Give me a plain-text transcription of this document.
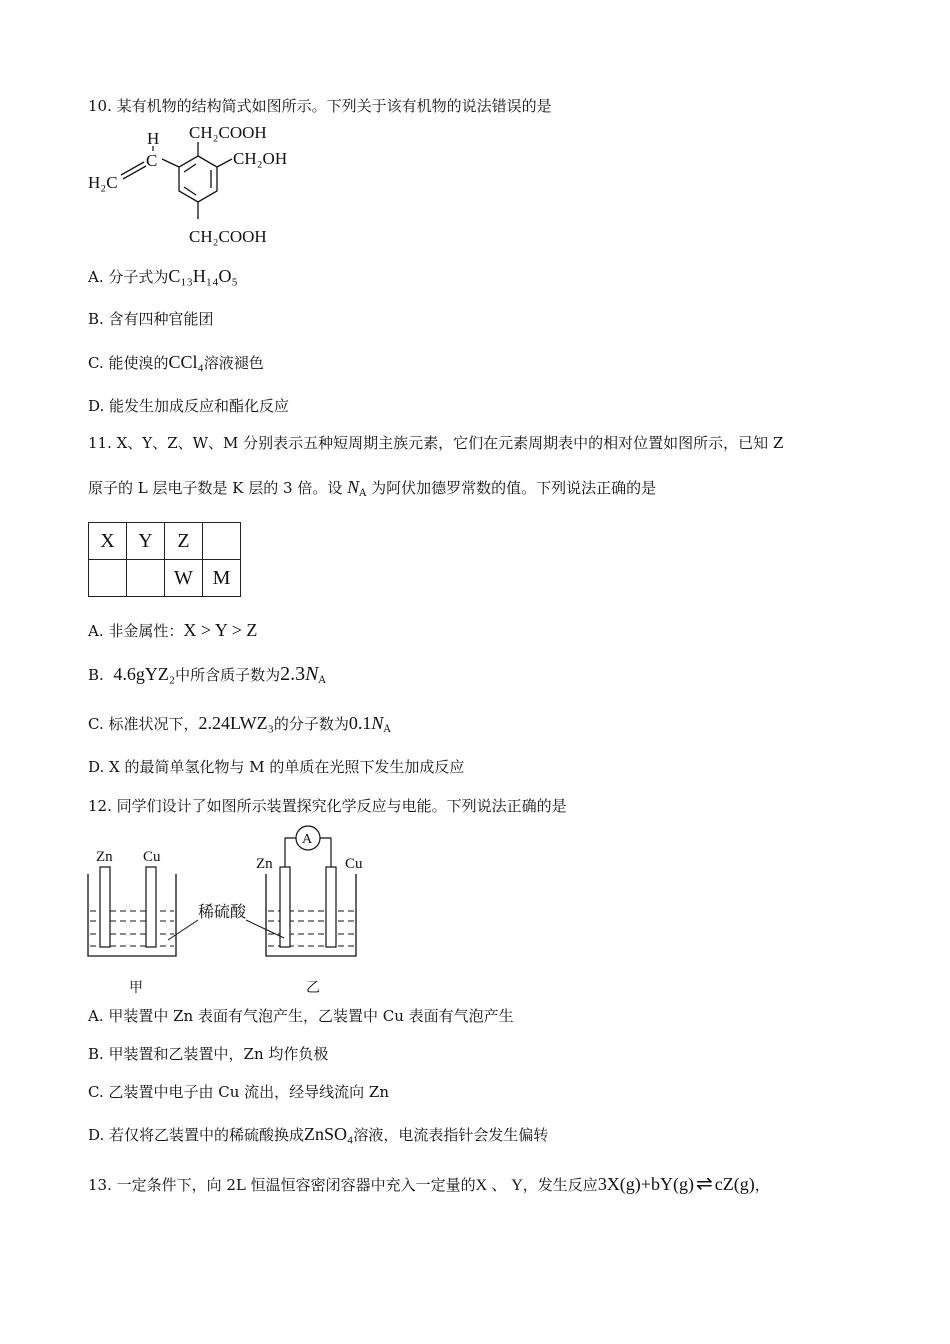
10. 某有机物的结构简式如图所示。下列关于该有机物的说法错误的是
CH₂COOH
CH₂OH
CH₂COOH
H
C
H₂C
A. 分子式为C₁₃H₁₄O₅
B. 含有四种官能团
C. 能使溴的CCl₄溶液褪色
D. 能发生加成反应和酯化反应
11. X、Y、Z、W、M 分别表示五种短周期主族元素，它们在元素周期表中的相对位置如图所示，已知 Z
原子的 L 层电子数是 K 层的 3 倍。设 $N_A$ 为阿伏加德罗常数的值。下列说法正确的是
X	Y	Z	
		W	M
A. 非金属性：X > Y > Z
B.  4.6gYZ₂中所含质子数为$2.3N_A$
C. 标准状况下，2.24LWZ₃的分子数为$0.1N_A$
D. X 的最简单氢化物与 M 的单质在光照下发生加成反应
12. 同学们设计了如图所示装置探究化学反应与电能。下列说法正确的是
Zn Cu	Zn	Cu
A
稀硫酸
甲	乙
A. 甲装置中 Zn 表面有气泡产生，乙装置中 Cu 表面有气泡产生
B. 甲装置和乙装置中，Zn 均作负极
C. 乙装置中电子由 Cu 流出，经导线流向 Zn
D. 若仅将乙装置中的稀硫酸换成ZnSO₄溶液，电流表指针会发生偏转
13. 一定条件下，向 2L 恒温恒容密闭容器中充入一定量的X 、 Y，发生反应3X(g)+bY(g) ⇌ cZ(g)，
